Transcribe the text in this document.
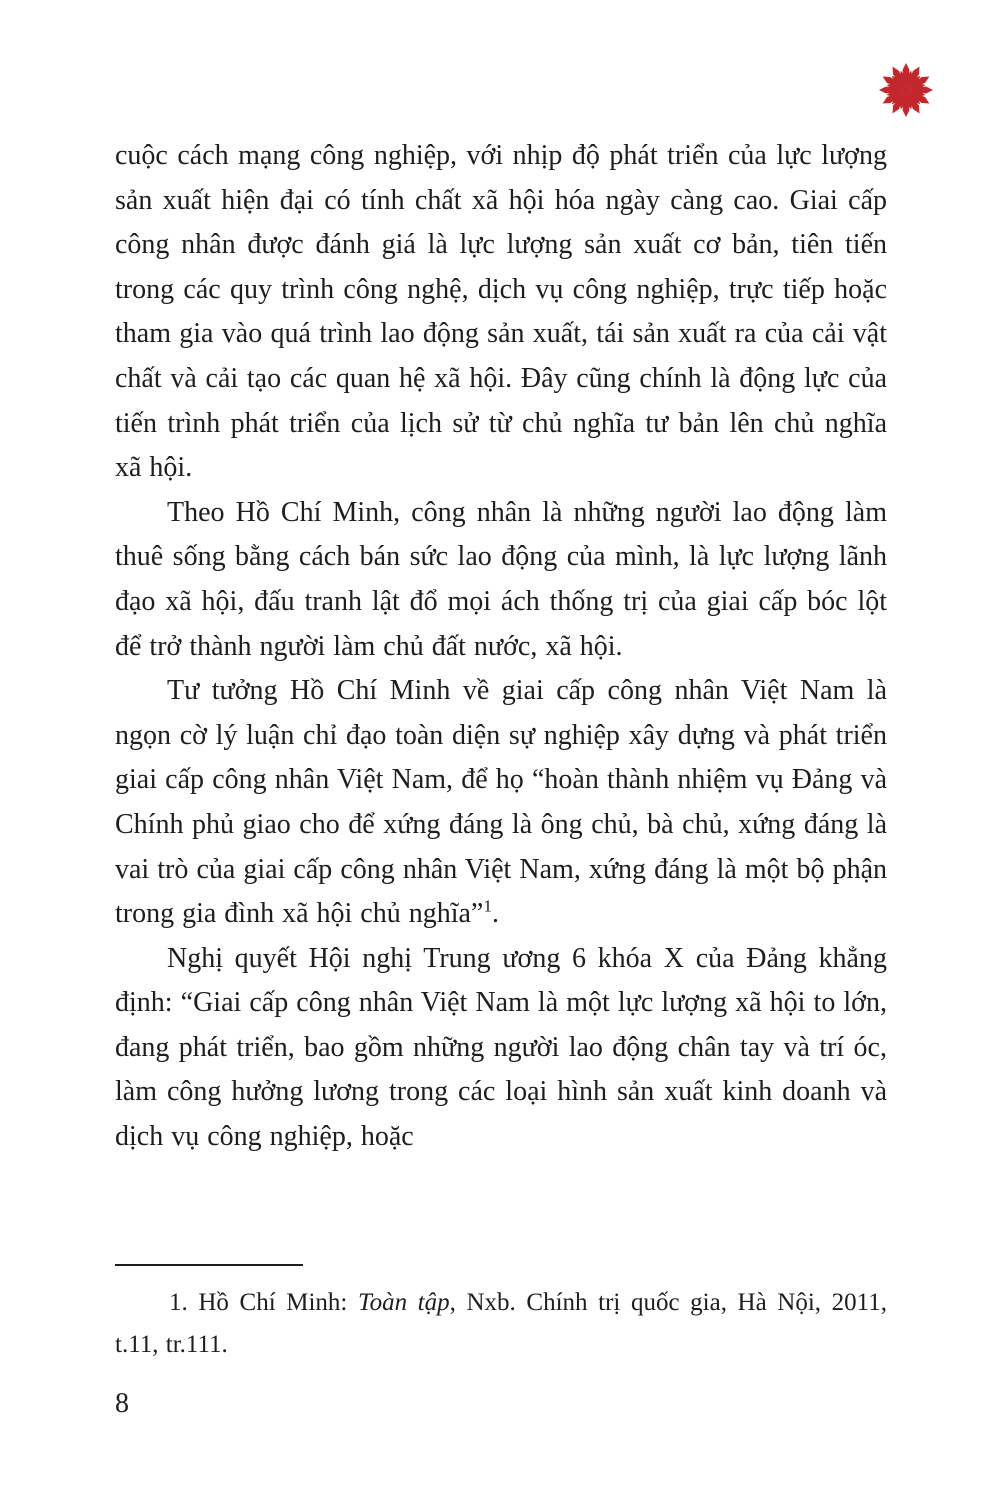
cuộc cách mạng công nghiệp, với nhịp độ phát triển của lực lượng sản xuất hiện đại có tính chất xã hội hóa ngày càng cao. Giai cấp công nhân được đánh giá là lực lượng sản xuất cơ bản, tiên tiến trong các quy trình công nghệ, dịch vụ công nghiệp, trực tiếp hoặc tham gia vào quá trình lao động sản xuất, tái sản xuất ra của cải vật chất và cải tạo các quan hệ xã hội. Đây cũng chính là động lực của tiến trình phát triển của lịch sử từ chủ nghĩa tư bản lên chủ nghĩa xã hội.

Theo Hồ Chí Minh, công nhân là những người lao động làm thuê sống bằng cách bán sức lao động của mình, là lực lượng lãnh đạo xã hội, đấu tranh lật đổ mọi ách thống trị của giai cấp bóc lột để trở thành người làm chủ đất nước, xã hội.

Tư tưởng Hồ Chí Minh về giai cấp công nhân Việt Nam là ngọn cờ lý luận chỉ đạo toàn diện sự nghiệp xây dựng và phát triển giai cấp công nhân Việt Nam, để họ “hoàn thành nhiệm vụ Đảng và Chính phủ giao cho để xứng đáng là ông chủ, bà chủ, xứng đáng là vai trò của giai cấp công nhân Việt Nam, xứng đáng là một bộ phận trong gia đình xã hội chủ nghĩa”$^1$.

Nghị quyết Hội nghị Trung ương 6 khóa X của Đảng khẳng định: “Giai cấp công nhân Việt Nam là một lực lượng xã hội to lớn, đang phát triển, bao gồm những người lao động chân tay và trí óc, làm công hưởng lương trong các loại hình sản xuất kinh doanh và dịch vụ công nghiệp, hoặc

1. Hồ Chí Minh: Toàn tập, Nxb. Chính trị quốc gia, Hà Nội, 2011, t.11, tr.111.

8
